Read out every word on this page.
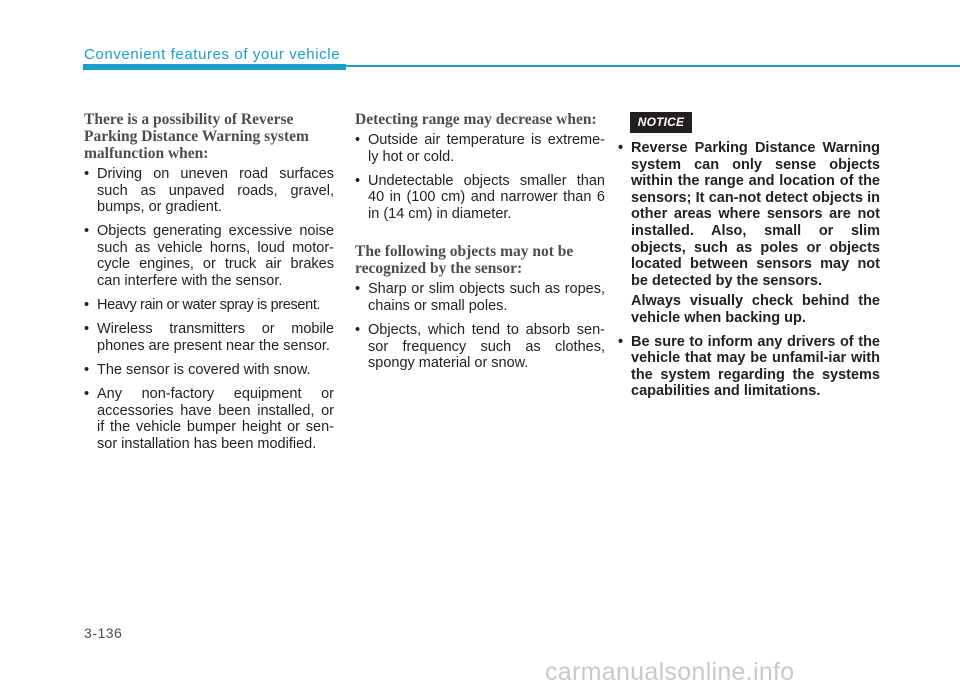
Convenient features of your vehicle
There is a possibility of Reverse Parking Distance Warning system malfunction when:
• Driving on uneven road surfaces such as unpaved roads, gravel, bumps, or gradient.
• Objects generating excessive noise such as vehicle horns, loud motor-cycle engines, or truck air brakes can interfere with the sensor.
• Heavy rain or water spray is present.
• Wireless transmitters or mobile phones are present near the sensor.
• The sensor is covered with snow.
• Any non-factory equipment or accessories have been installed, or if the vehicle bumper height or sen-sor installation has been modified.
Detecting range may decrease when:
• Outside air temperature is extreme-ly hot or cold.
• Undetectable objects smaller than 40 in (100 cm) and narrower than 6 in (14 cm) in diameter.
The following objects may not be recognized by the sensor:
• Sharp or slim objects such as ropes, chains or small poles.
• Objects, which tend to absorb sen-sor frequency such as clothes, spongy material or snow.
NOTICE
• Reverse Parking Distance Warning system can only sense objects within the range and location of the sensors; It can-not detect objects in other areas where sensors are not installed. Also, small or slim objects, such as poles or objects located between sensors may not be detected by the sensors.

Always visually check behind the vehicle when backing up.

• Be sure to inform any drivers of the vehicle that may be unfamil-iar with the system regarding the systems capabilities and limitations.
3-136
carmanualsonline.info
